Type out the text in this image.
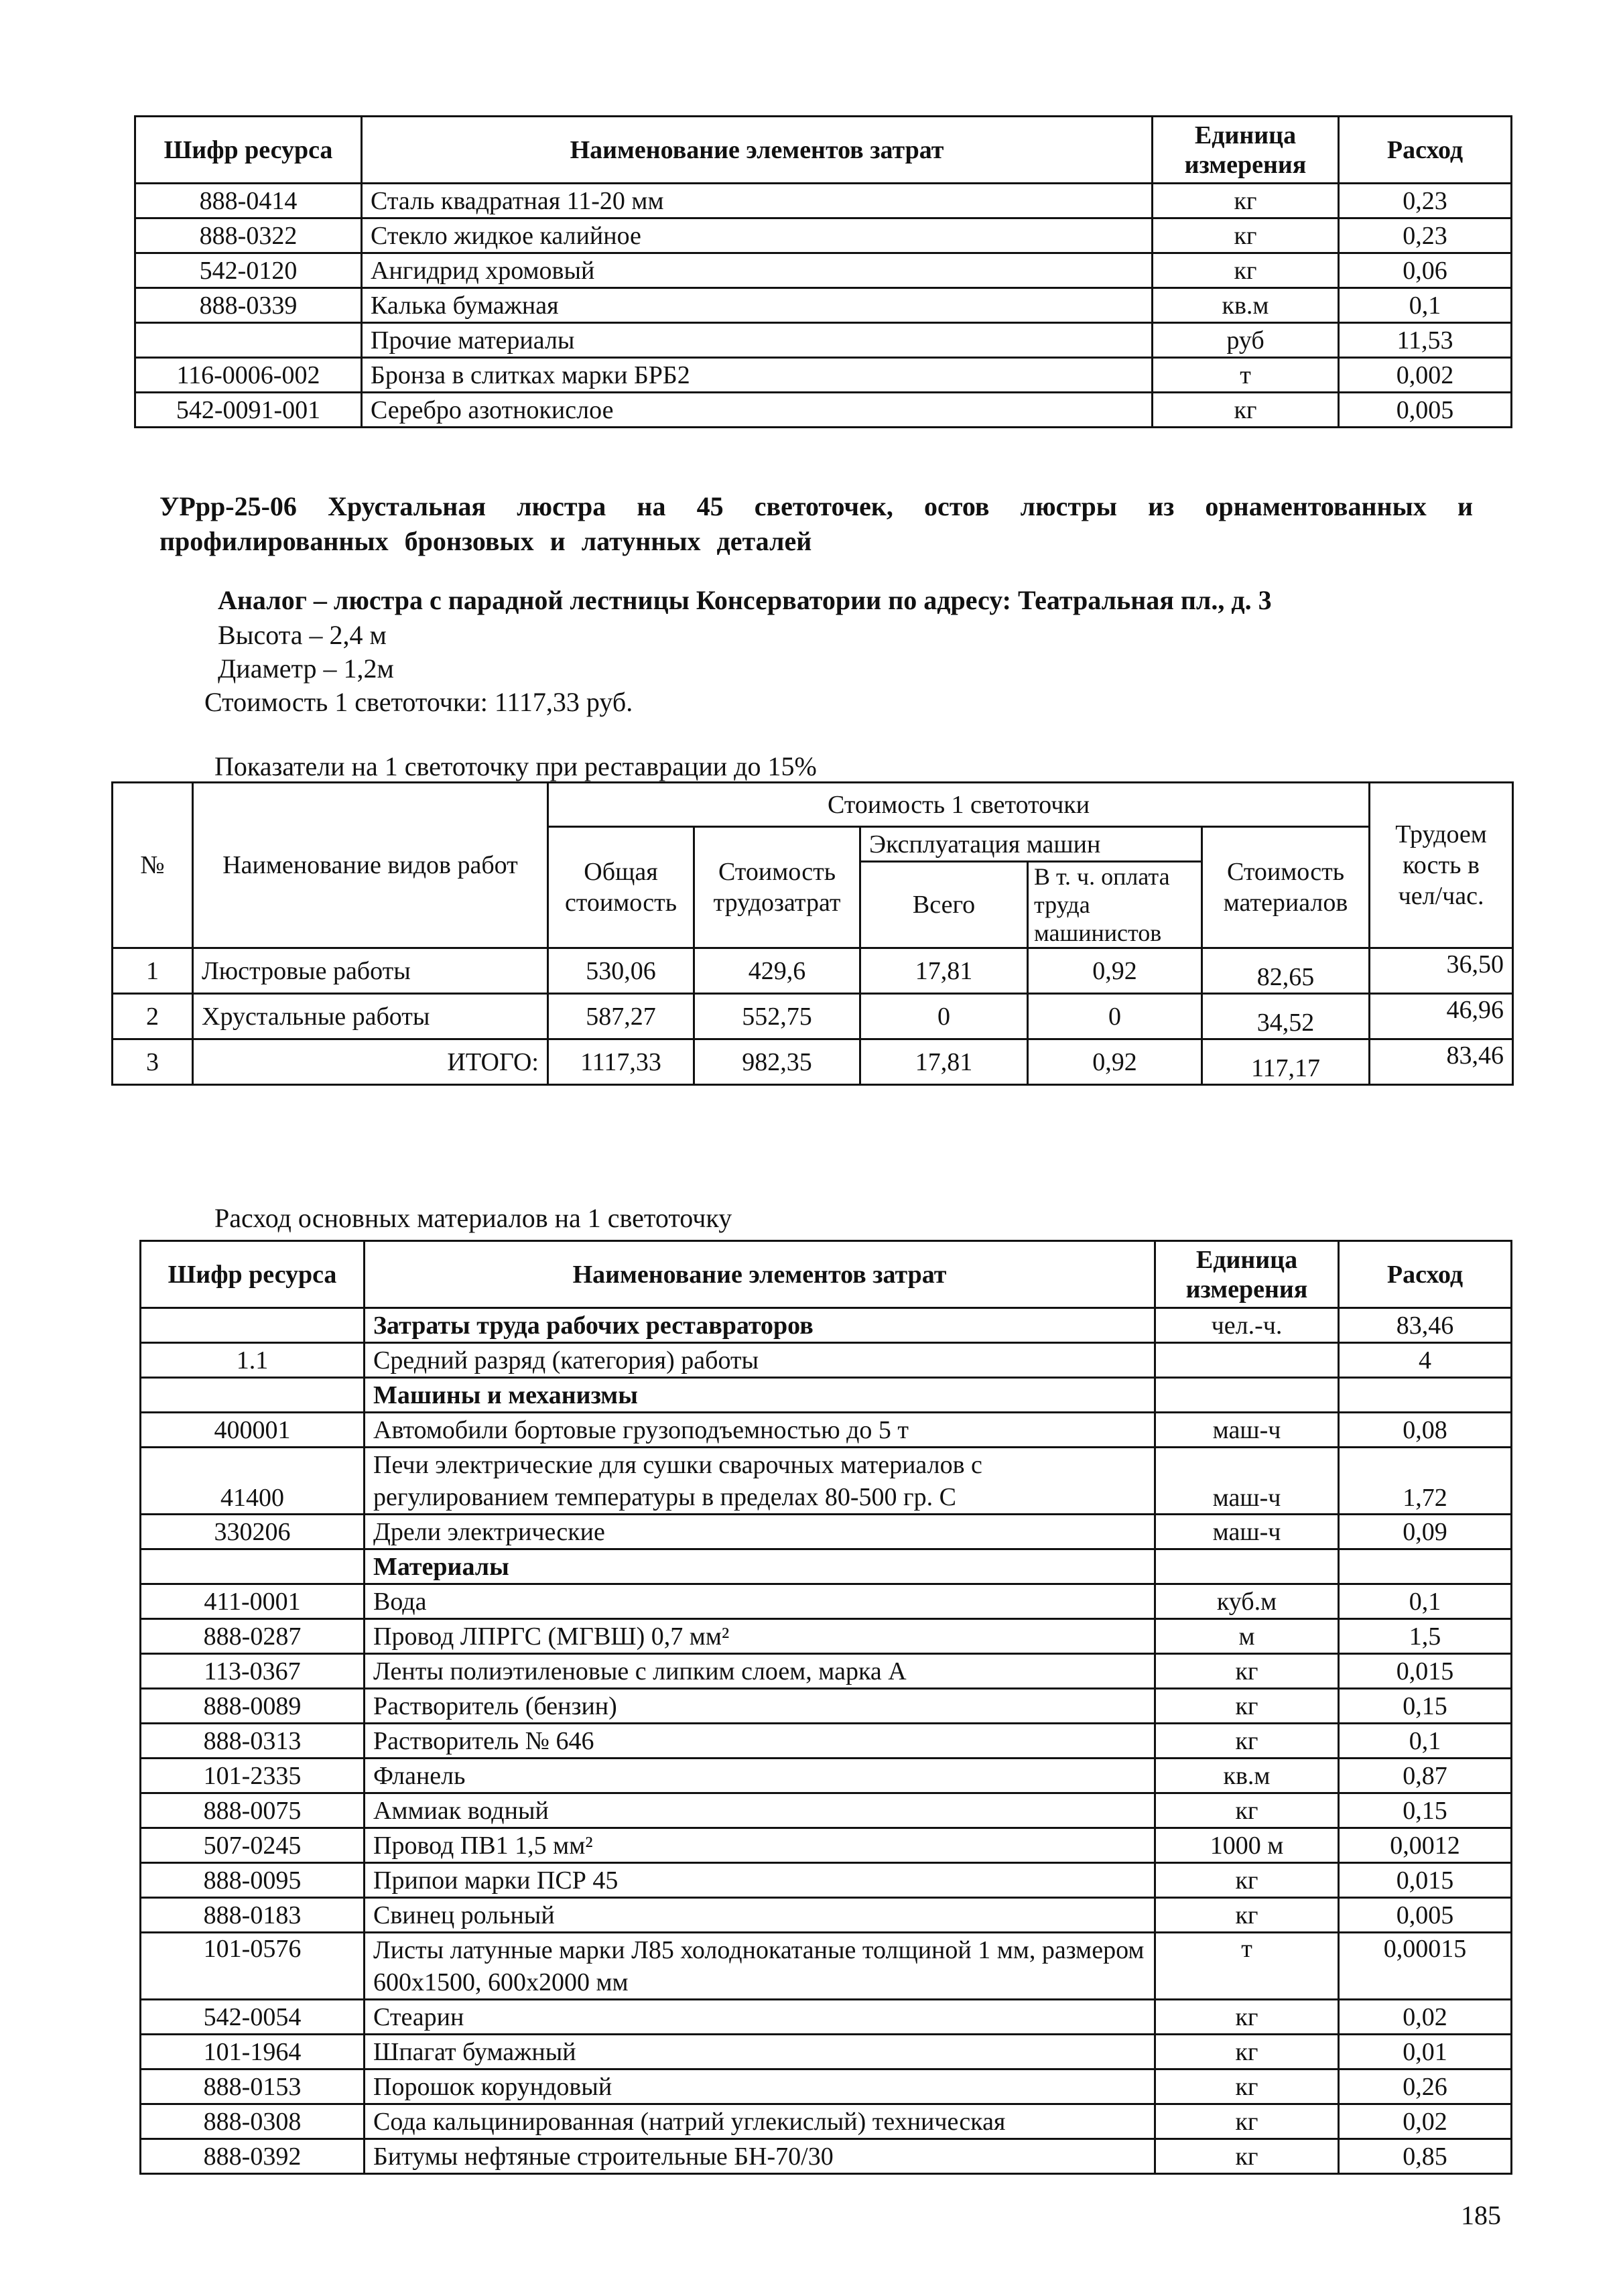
Шифр ресурса	Наименование элементов затрат	Единица измерения	Расход
888-0414	Сталь квадратная 11-20 мм	кг	0,23
888-0322	Стекло жидкое калийное	кг	0,23
542-0120	Ангидрид хромовый	кг	0,06
888-0339	Калька бумажная	кв.м	0,1
	Прочие материалы	руб	11,53
116-0006-002	Бронза в слитках марки БРБ2	т	0,002
542-0091-001	Серебро азотнокислое	кг	0,005
УРрр-25-06 Хрустальная люстра на 45 светоточек, остов люстры из орнаментованных и
профилированных бронзовых и латунных деталей
Аналог – люстра с парадной лестницы Консерватории по адресу: Театральная пл., д. 3
Высота – 2,4 м
Диаметр – 1,2м
Стоимость 1 светоточки: 1117,33 руб.
Показатели на 1 светоточку при реставрации до 15%
№	Наименование видов работ	Стоимость 1 светоточки					Трудоем кость в чел/час.
		Общая стоимость	Стоимость трудозатрат	Эксплуатация машин		Стоимость материалов	
				Всего	В т. ч. оплата труда машинистов		
1	Люстровые работы	530,06	429,6	17,81	0,92	82,65	36,50
2	Хрустальные работы	587,27	552,75	0	0	34,52	46,96
3	ИТОГО:	1117,33	982,35	17,81	0,92	117,17	83,46
Расход основных материалов на 1 светоточку
Шифр ресурса	Наименование элементов затрат	Единица измерения	Расход
	Затраты труда рабочих реставраторов	чел.-ч.	83,46
1.1	Средний разряд (категория) работы		4
	Машины и механизмы		
400001	Автомобили бортовые грузоподъемностью до 5 т	маш-ч	0,08
41400	Печи электрические для сушки сварочных материалов с регулированием температуры в пределах 80-500 гр. С	маш-ч	1,72
330206	Дрели электрические	маш-ч	0,09
	Материалы		
411-0001	Вода	куб.м	0,1
888-0287	Провод ЛПРГС (МГВШ) 0,7 мм²	м	1,5
113-0367	Ленты полиэтиленовые с липким слоем, марка А	кг	0,015
888-0089	Растворитель (бензин)	кг	0,15
888-0313	Растворитель № 646	кг	0,1
101-2335	Фланель	кв.м	0,87
888-0075	Аммиак водный	кг	0,15
507-0245	Провод ПВ1 1,5 мм²	1000 м	0,0012
888-0095	Припои марки ПСР 45	кг	0,015
888-0183	Свинец рольный	кг	0,005
101-0576	Листы латунные марки Л85 холоднокатаные толщиной 1 мм, размером 600х1500, 600х2000 мм	т	0,00015
542-0054	Стеарин	кг	0,02
101-1964	Шпагат бумажный	кг	0,01
888-0153	Порошок корундовый	кг	0,26
888-0308	Сода кальцинированная (натрий углекислый) техническая	кг	0,02
888-0392	Битумы нефтяные строительные БН-70/30	кг	0,85
185
